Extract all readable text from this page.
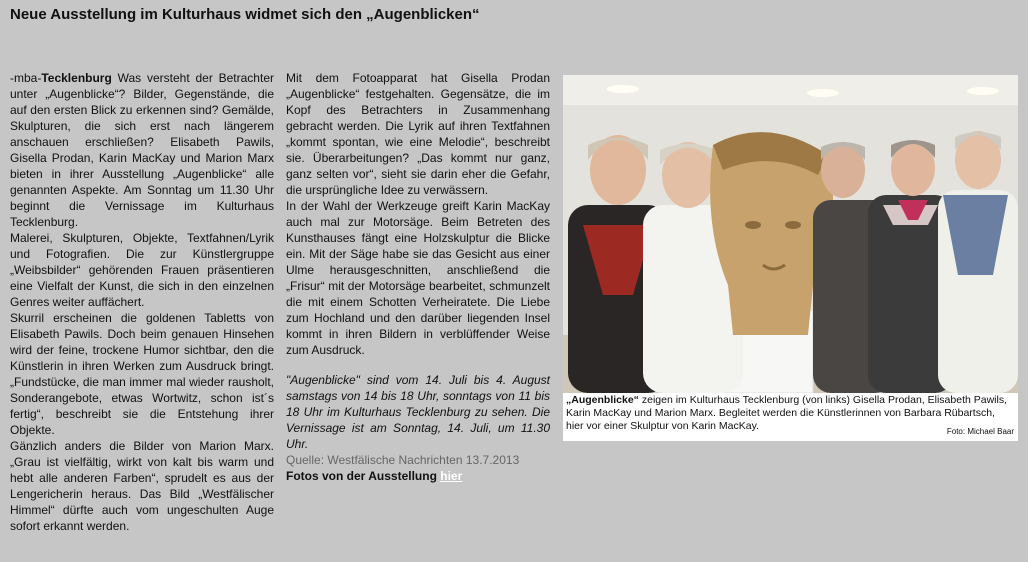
Neue Ausstellung im Kulturhaus widmet sich den „Augenblicken“

-mba-Tecklenburg Was versteht der Betrachter unter „Augenblicke“? Bilder, Gegenstände, die auf den ersten Blick zu erkennen sind? Gemälde, Skulpturen, die sich erst nach längerem anschauen erschließen? Elisabeth Pawils, Gisella Prodan, Karin MacKay und Marion Marx bieten in ihrer Ausstellung „Augenblicke“ alle genannten Aspekte. Am Sonntag um 11.30 Uhr beginnt die Vernissage im Kulturhaus Tecklenburg.

Malerei, Skulpturen, Objekte, Textfahnen/Lyrik und Fotografien. Die zur Künstlergruppe „Weibsbilder“ gehörenden Frauen präsentieren eine Vielfalt der Kunst, die sich in den einzelnen Genres weiter auffächert.

Skurril erscheinen die goldenen Tabletts von Elisabeth Pawils. Doch beim genauen Hinsehen wird der feine, trockene Humor sichtbar, den die Künstlerin in ihren Werken zum Ausdruck bringt. „Fundstücke, die man immer mal wieder rausholt, Sonderangebote, etwas Wortwitz, schon ist´s fertig“, beschreibt sie die Entstehung ihrer Objekte.

Gänzlich anders die Bilder von Marion Marx. „Grau ist vielfältig, wirkt von kalt bis warm und hebt alle anderen Farben“, sprudelt es aus der Lengericherin heraus. Das Bild „Westfälischer Himmel“ dürfte auch vom ungeschulten Auge sofort erkannt werden.

Mit dem Fotoapparat hat Gisella Prodan „Augenblicke“ festgehalten. Gegensätze, die im Kopf des Betrachters in Zusammenhang gebracht werden. Die Lyrik auf ihren Textfahnen „kommt spontan, wie eine Melodie“, beschreibt sie. Überarbeitungen? „Das kommt nur ganz, ganz selten vor“, sieht sie darin eher die Gefahr, die ursprüngliche Idee zu verwässern.

In der Wahl der Werkzeuge greift Karin MacKay auch mal zur Motorsäge. Beim Betreten des Kunsthauses fängt eine Holzskulptur die Blicke ein. Mit der Säge habe sie das Gesicht aus einer Ulme herausgeschnitten, anschließend die „Frisur“ mit der Motorsäge bearbeitet, schmunzelt die mit einem Schotten Verheiratete. Die Liebe zum Hochland und den darüber liegenden Insel kommt in ihren Bildern in verblüffender Weise zum Ausdruck.

"Augenblicke" sind vom 14. Juli bis 4. August samstags von 14 bis 18 Uhr, sonntags von 11 bis 18 Uhr im Kulturhaus Tecklenburg zu sehen. Die Vernissage ist am Sonntag, 14. Juli, um 11.30 Uhr.

Quelle: Westfälische Nachrichten 13.7.2013

Fotos von der Ausstellung hier

„Augenblicke“ zeigen im Kulturhaus Tecklenburg (von links) Gisella Prodan, Elisabeth Pawils, Karin MacKay und Marion Marx. Begleitet werden die Künstlerinnen von Barbara Rübartsch, hier vor einer Skulptur von Karin MacKay.	Foto: Michael Baar
